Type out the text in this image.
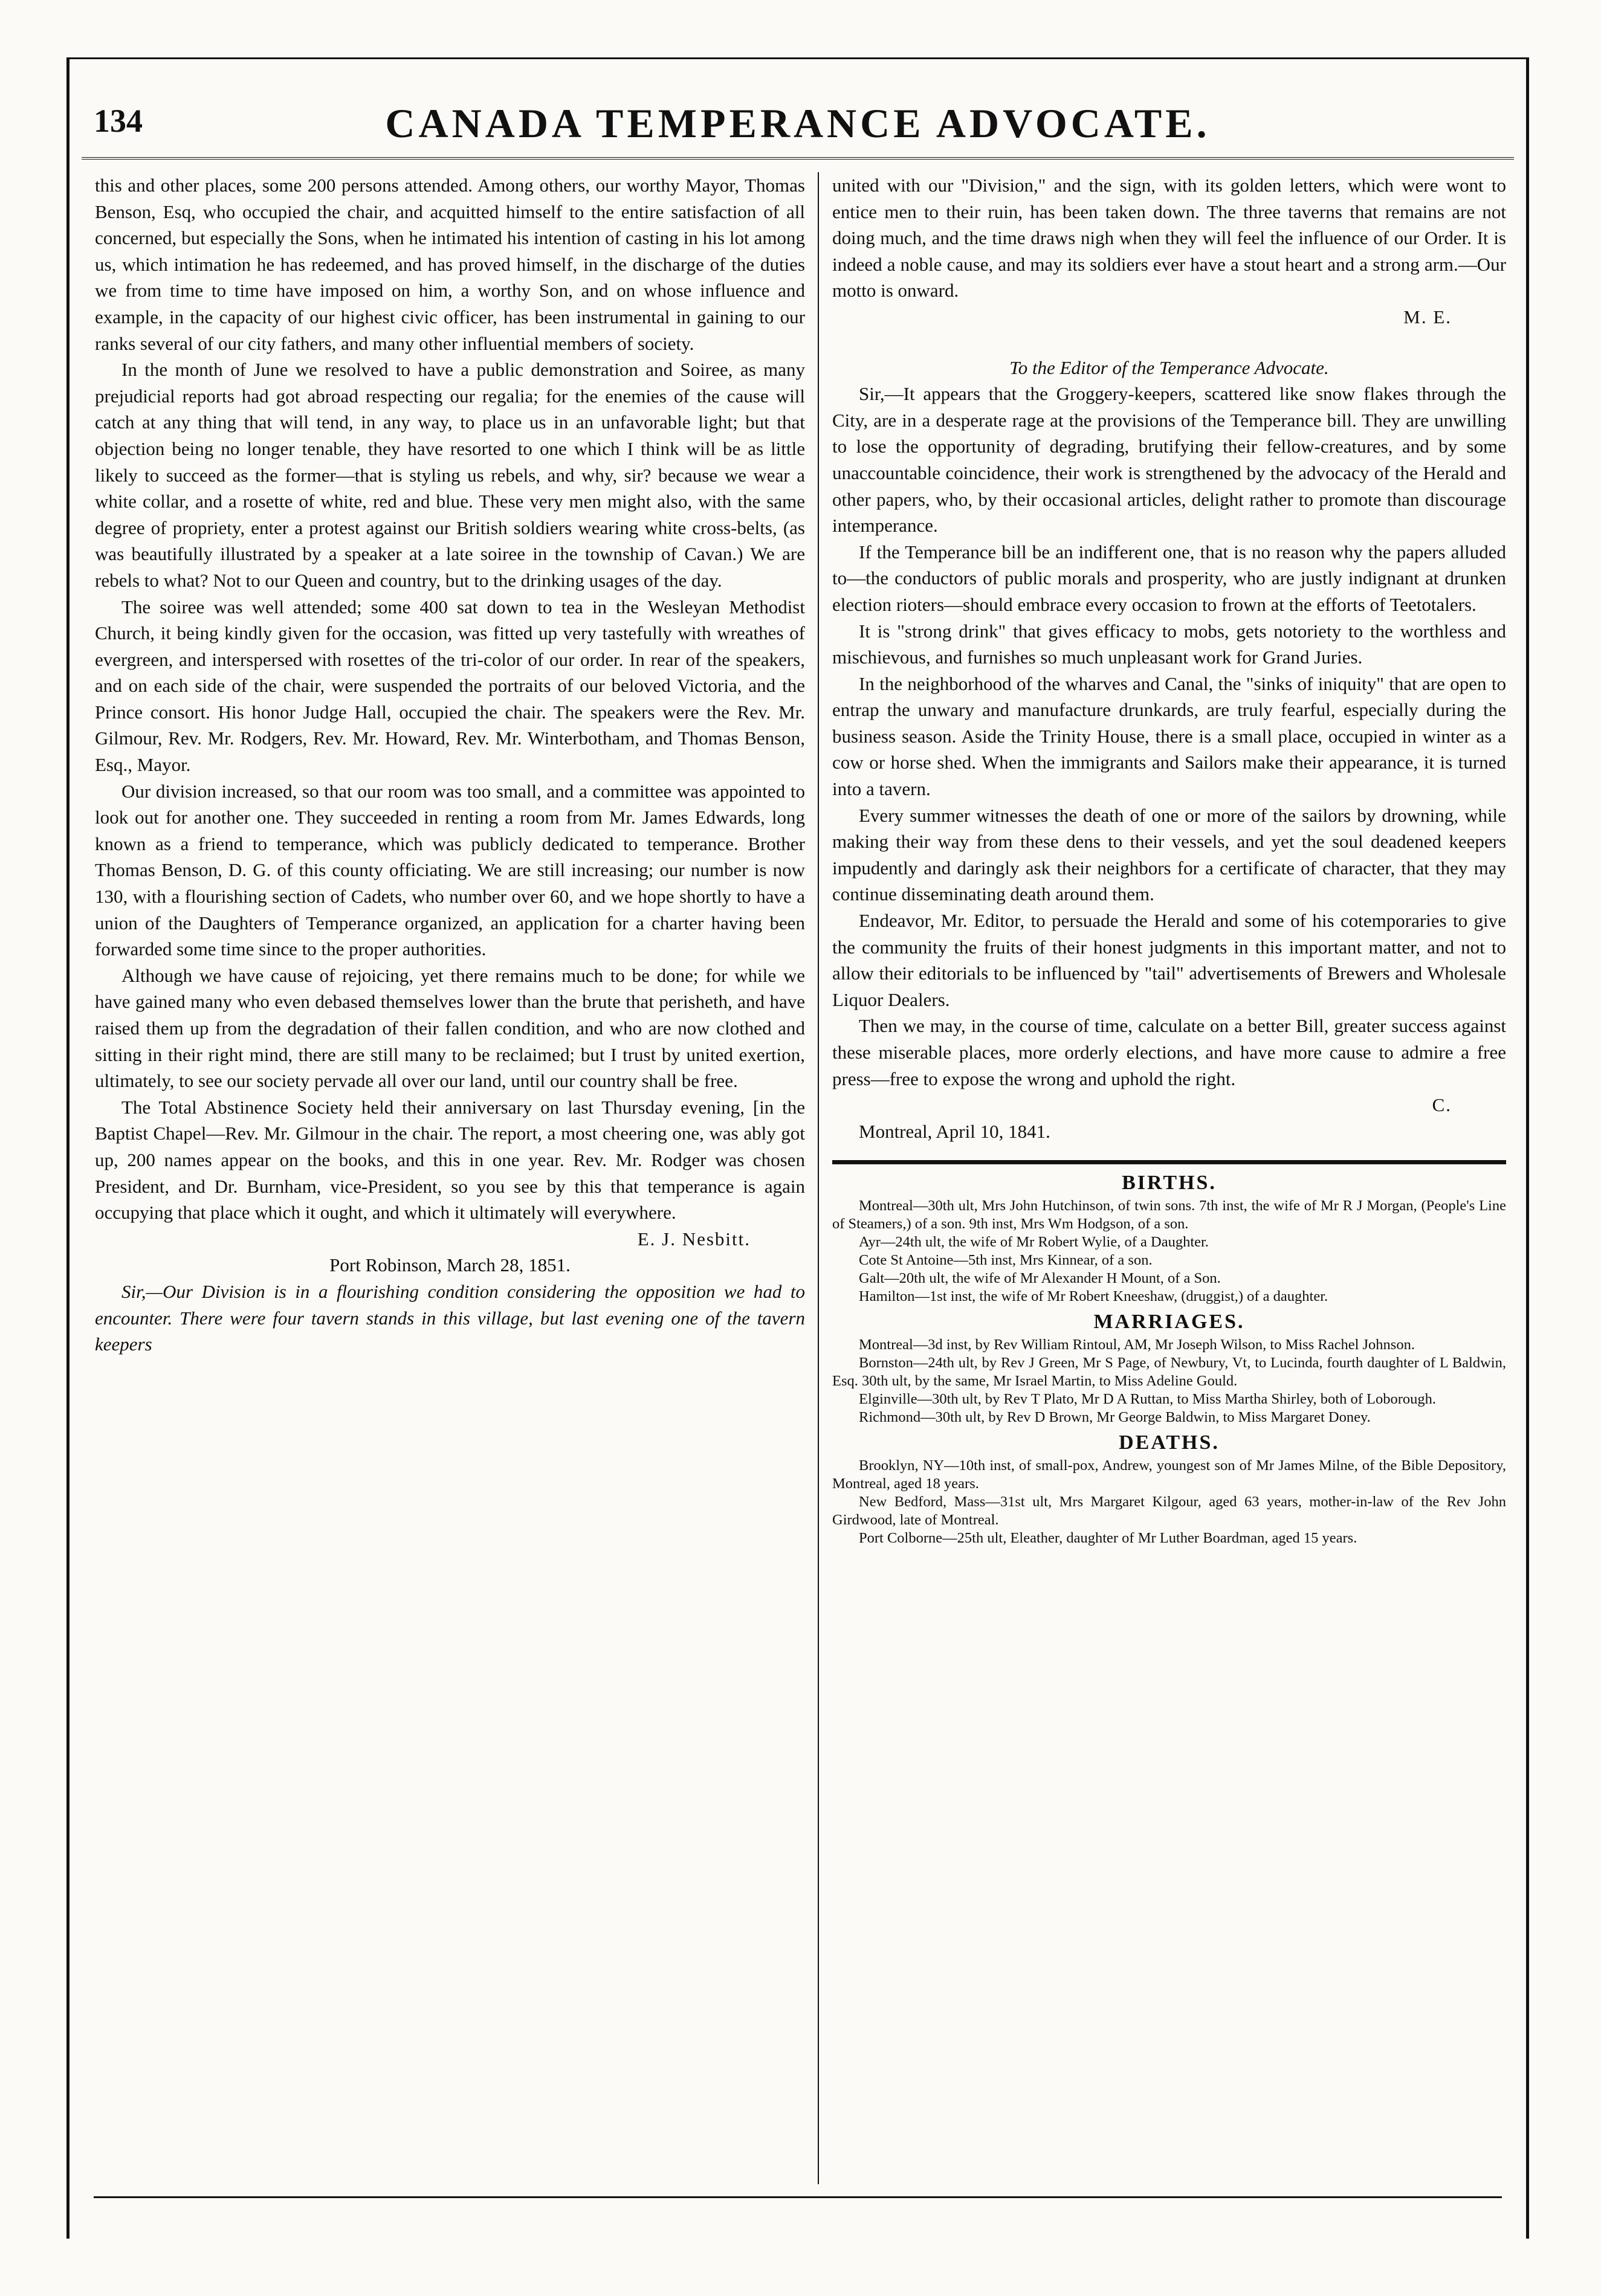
134	CANADA TEMPERANCE ADVOCATE.

this and other places, some 200 persons attended. Among others, our worthy Mayor, Thomas Benson, Esq, who occupied the chair, and acquitted himself to the entire satisfaction of all concerned, but especially the Sons, when he intimated his intention of casting in his lot among us, which intimation he has redeemed, and has proved himself, in the discharge of the duties we from time to time have imposed on him, a worthy Son, and on whose influence and example, in the capacity of our highest civic officer, has been instrumental in gaining to our ranks several of our city fathers, and many other influential members of society.

In the month of June we resolved to have a public demonstration and Soiree, as many prejudicial reports had got abroad respecting our regalia; for the enemies of the cause will catch at any thing that will tend, in any way, to place us in an unfavorable light; but that objection being no longer tenable, they have resorted to one which I think will be as little likely to succeed as the former—that is styling us rebels, and why, sir? because we wear a white collar, and a rosette of white, red and blue. These very men might also, with the same degree of propriety, enter a protest against our British soldiers wearing white cross-belts, (as was beautifully illustrated by a speaker at a late soiree in the township of Cavan.) We are rebels to what? Not to our Queen and country, but to the drinking usages of the day.

The soiree was well attended; some 400 sat down to tea in the Wesleyan Methodist Church, it being kindly given for the occasion, was fitted up very tastefully with wreathes of evergreen, and interspersed with rosettes of the tri-color of our order. In rear of the speakers, and on each side of the chair, were suspended the portraits of our beloved Victoria, and the Prince consort. His honor Judge Hall, occupied the chair. The speakers were the Rev. Mr. Gilmour, Rev. Mr. Rodgers, Rev. Mr. Howard, Rev. Mr. Winterbotham, and Thomas Benson, Esq., Mayor.

Our division increased, so that our room was too small, and a committee was appointed to look out for another one. They succeeded in renting a room from Mr. James Edwards, long known as a friend to temperance, which was publicly dedicated to temperance. Brother Thomas Benson, D. G. of this county officiating. We are still increasing; our number is now 130, with a flourishing section of Cadets, who number over 60, and we hope shortly to have a union of the Daughters of Temperance organized, an application for a charter having been forwarded some time since to the proper authorities.

Although we have cause of rejoicing, yet there remains much to be done; for while we have gained many who even debased themselves lower than the brute that perisheth, and have raised them up from the degradation of their fallen condition, and who are now clothed and sitting in their right mind, there are still many to be reclaimed; but I trust by united exertion, ultimately, to see our society pervade all over our land, until our country shall be free.

The Total Abstinence Society held their anniversary on last Thursday evening, [in the Baptist Chapel—Rev. Mr. Gilmour in the chair. The report, a most cheering one, was ably got up, 200 names appear on the books, and this in one year. Rev. Mr. Rodger was chosen President, and Dr. Burnham, vice-President, so you see by this that temperance is again occupying that place which it ought, and which it ultimately will everywhere.

E. J. Nesbitt.

Port Robinson, March 28, 1851.

Sir,—Our Division is in a flourishing condition considering the opposition we had to encounter. There were four tavern stands in this village, but last evening one of the tavern keepers

united with our "Division," and the sign, with its golden letters, which were wont to entice men to their ruin, has been taken down. The three taverns that remains are not doing much, and the time draws nigh when they will feel the influence of our Order. It is indeed a noble cause, and may its soldiers ever have a stout heart and a strong arm.—Our motto is onward.

M. E.

To the Editor of the Temperance Advocate.

Sir,—It appears that the Groggery-keepers, scattered like snow flakes through the City, are in a desperate rage at the provisions of the Temperance bill. They are unwilling to lose the opportunity of degrading, brutifying their fellow-creatures, and by some unaccountable coincidence, their work is strengthened by the advocacy of the Herald and other papers, who, by their occasional articles, delight rather to promote than discourage intemperance.

If the Temperance bill be an indifferent one, that is no reason why the papers alluded to—the conductors of public morals and prosperity, who are justly indignant at drunken election rioters—should embrace every occasion to frown at the efforts of Teetotalers.

It is "strong drink" that gives efficacy to mobs, gets notoriety to the worthless and mischievous, and furnishes so much unpleasant work for Grand Juries.

In the neighborhood of the wharves and Canal, the "sinks of iniquity" that are open to entrap the unwary and manufacture drunkards, are truly fearful, especially during the business season. Aside the Trinity House, there is a small place, occupied in winter as a cow or horse shed. When the immigrants and Sailors make their appearance, it is turned into a tavern.

Every summer witnesses the death of one or more of the sailors by drowning, while making their way from these dens to their vessels, and yet the soul deadened keepers impudently and daringly ask their neighbors for a certificate of character, that they may continue disseminating death around them.

Endeavor, Mr. Editor, to persuade the Herald and some of his cotemporaries to give the community the fruits of their honest judgments in this important matter, and not to allow their editorials to be influenced by "tail" advertisements of Brewers and Wholesale Liquor Dealers.

Then we may, in the course of time, calculate on a better Bill, greater success against these miserable places, more orderly elections, and have more cause to admire a free press—free to expose the wrong and uphold the right.

C.

Montreal, April 10, 1841.

BIRTHS.

Montreal—30th ult, Mrs John Hutchinson, of twin sons. 7th inst, the wife of Mr R J Morgan, (People's Line of Steamers,) of a son. 9th inst, Mrs Wm Hodgson, of a son.

Ayr—24th ult, the wife of Mr Robert Wylie, of a Daughter.

Cote St Antoine—5th inst, Mrs Kinnear, of a son.

Galt—20th ult, the wife of Mr Alexander H Mount, of a Son.

Hamilton—1st inst, the wife of Mr Robert Kneeshaw, (druggist,) of a daughter.

MARRIAGES.

Montreal—3d inst, by Rev William Rintoul, AM, Mr Joseph Wilson, to Miss Rachel Johnson.

Bornston—24th ult, by Rev J Green, Mr S Page, of Newbury, Vt, to Lucinda, fourth daughter of L Baldwin, Esq. 30th ult, by the same, Mr Israel Martin, to Miss Adeline Gould.

Elginville—30th ult, by Rev T Plato, Mr D A Ruttan, to Miss Martha Shirley, both of Loborough.

Richmond—30th ult, by Rev D Brown, Mr George Baldwin, to Miss Margaret Doney.

DEATHS.

Brooklyn, NY—10th inst, of small-pox, Andrew, youngest son of Mr James Milne, of the Bible Depository, Montreal, aged 18 years.

New Bedford, Mass—31st ult, Mrs Margaret Kilgour, aged 63 years, mother-in-law of the Rev John Girdwood, late of Montreal.

Port Colborne—25th ult, Eleather, daughter of Mr Luther Boardman, aged 15 years.
